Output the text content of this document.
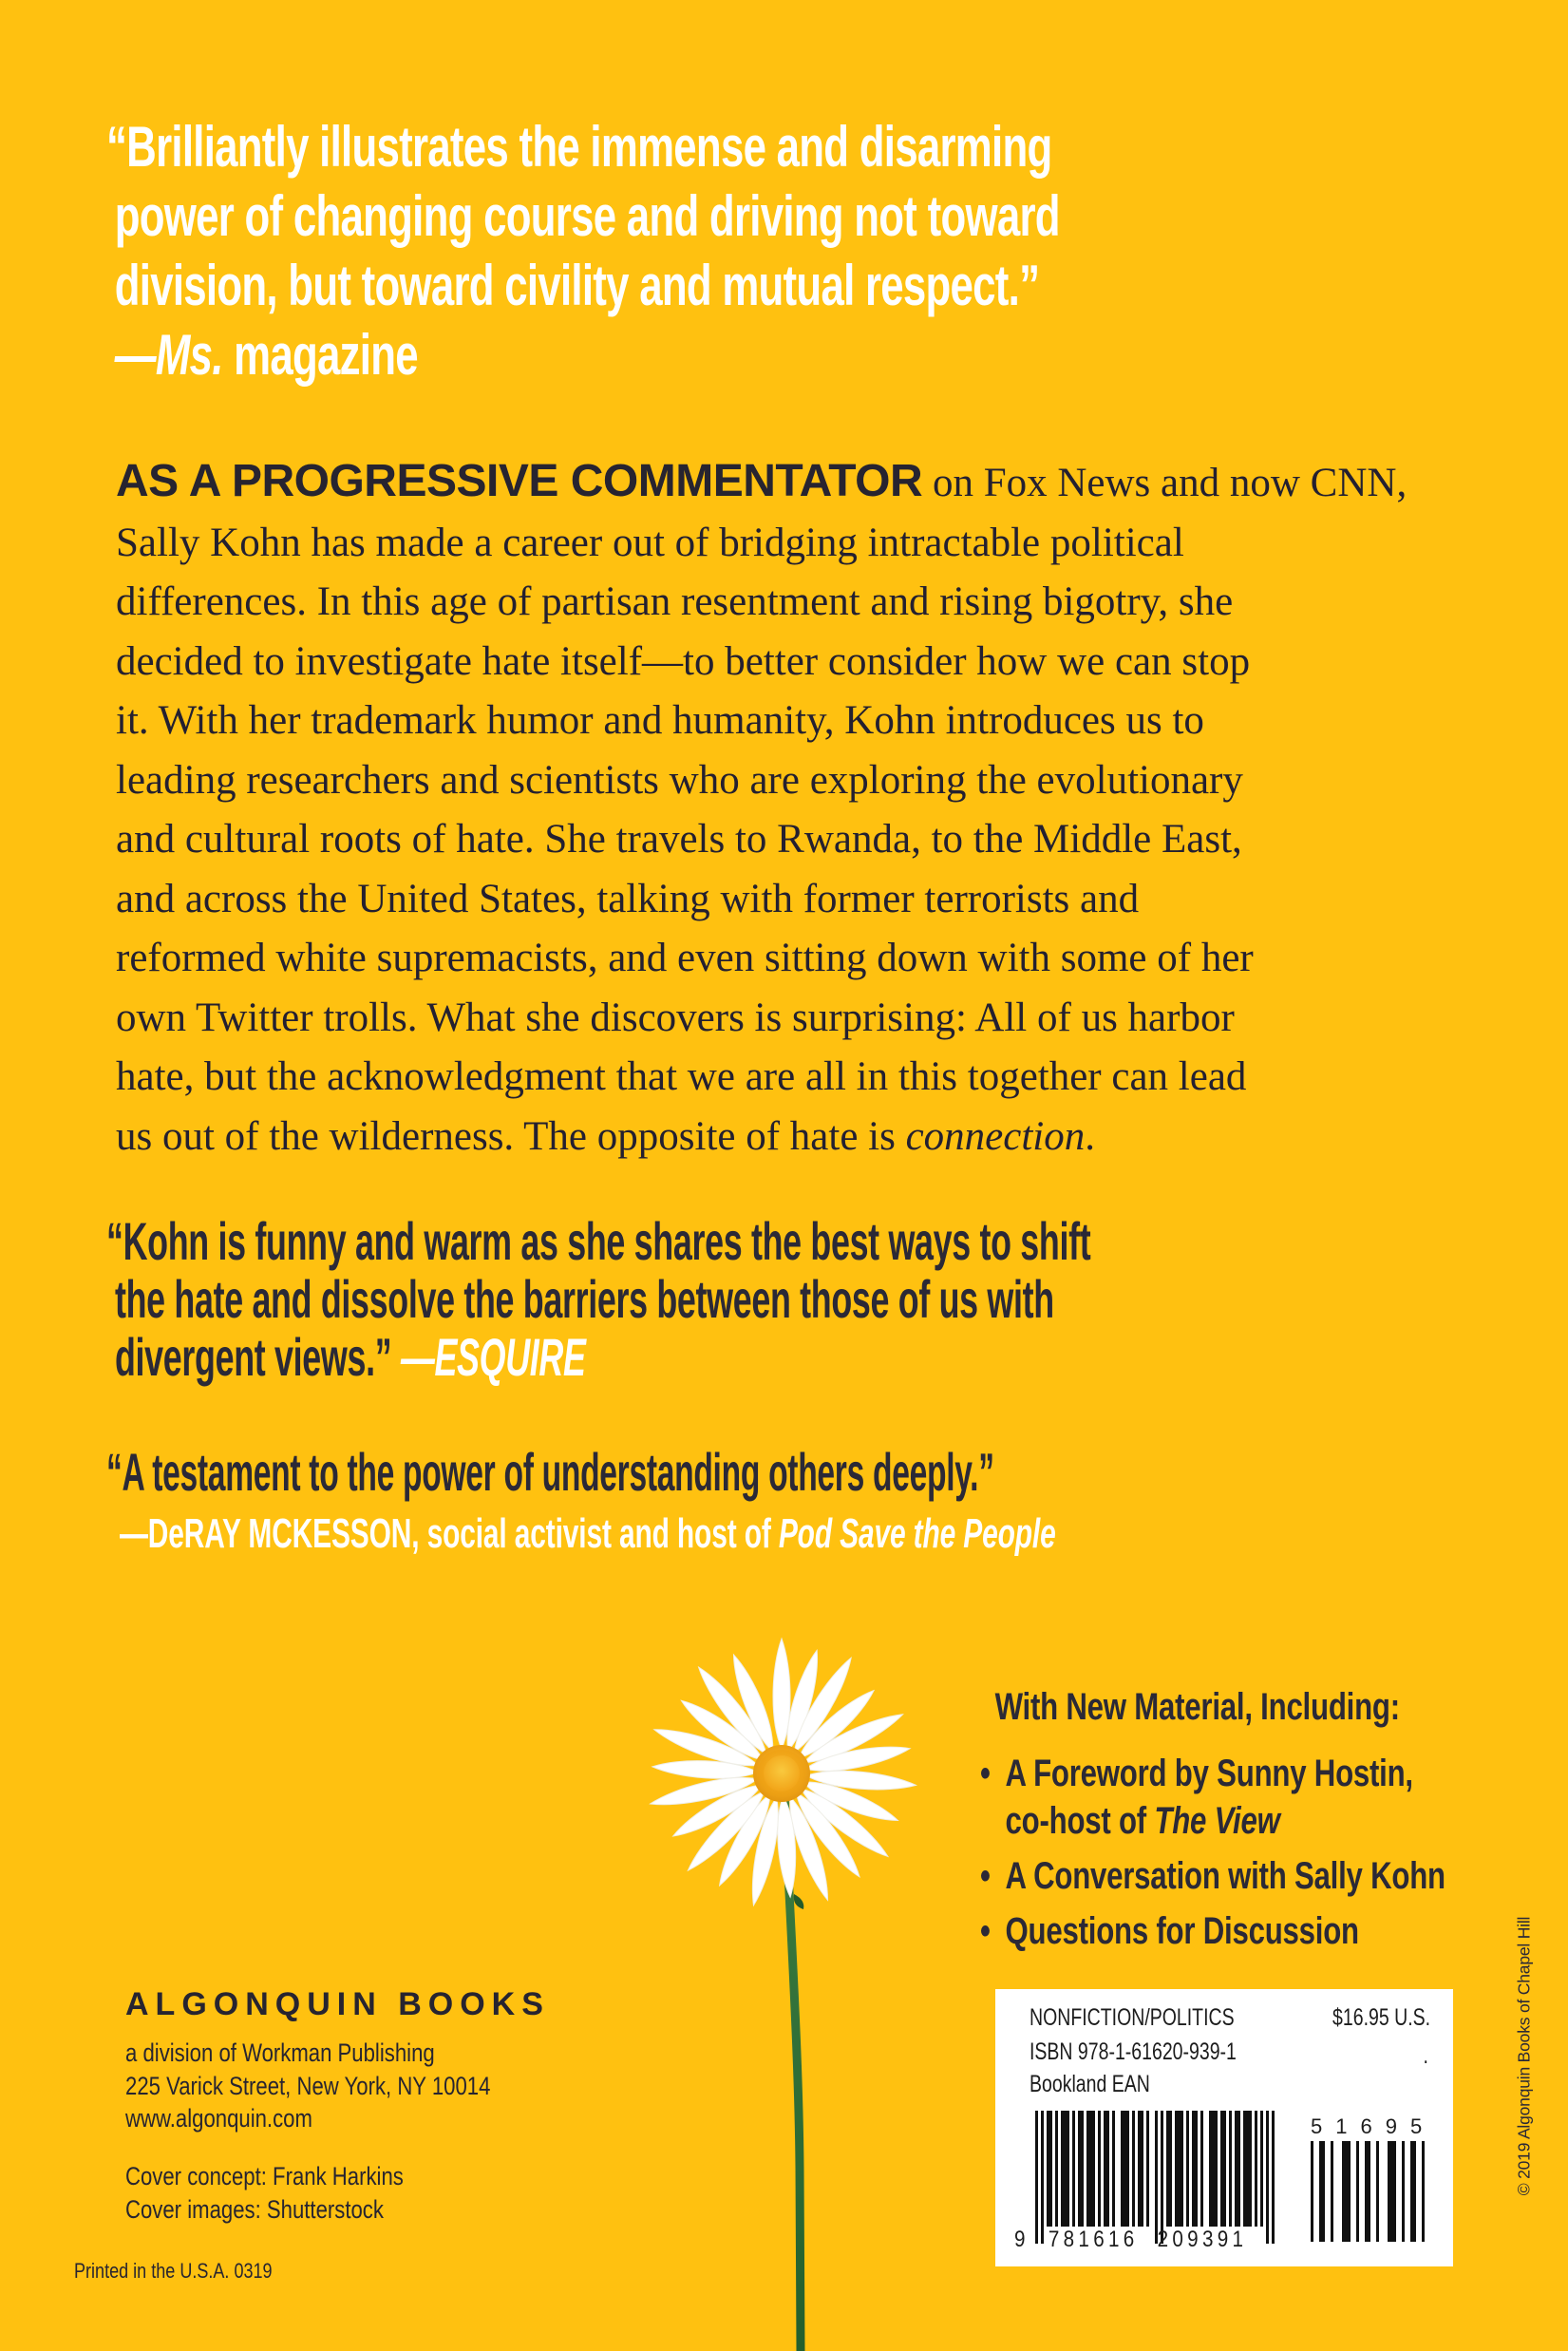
“Brilliantly illustrates the immense and disarming
power of changing course and driving not toward
division, but toward civility and mutual respect.”
—Ms. magazine
AS A PROGRESSIVE COMMENTATOR on Fox News and now CNN,
Sally Kohn has made a career out of bridging intractable political
differences. In this age of partisan resentment and rising bigotry, she
decided to investigate hate itself—to better consider how we can stop
it. With her trademark humor and humanity, Kohn introduces us to
leading researchers and scientists who are exploring the evolutionary
and cultural roots of hate. She travels to Rwanda, to the Middle East,
and across the United States, talking with former terrorists and
reformed white supremacists, and even sitting down with some of her
own Twitter trolls. What she discovers is surprising: All of us harbor
hate, but the acknowledgment that we are all in this together can lead
us out of the wilderness. The opposite of hate is connection.
“Kohn is funny and warm as she shares the best ways to shift
the hate and dissolve the barriers between those of us with
divergent views.” —ESQUIRE
“A testament to the power of understanding others deeply.”
—DeRAY MCKESSON, social activist and host of Pod Save the People
With New Material, Including:
• A Foreword by Sunny Hostin,
co-host of The View
• A Conversation with Sally Kohn
• Questions for Discussion
ALGONQUIN BOOKS
a division of Workman Publishing
225 Varick Street, New York, NY 10014
www.algonquin.com
Cover concept: Frank Harkins
Cover images: Shutterstock
Printed in the U.S.A. 0319
NONFICTION/POLITICS	$16.95 U.S.
ISBN 978-1-61620-939-1	.
Bookland EAN
9 781616 209391
51695	© 2019 Algonquin Books of Chapel Hill
